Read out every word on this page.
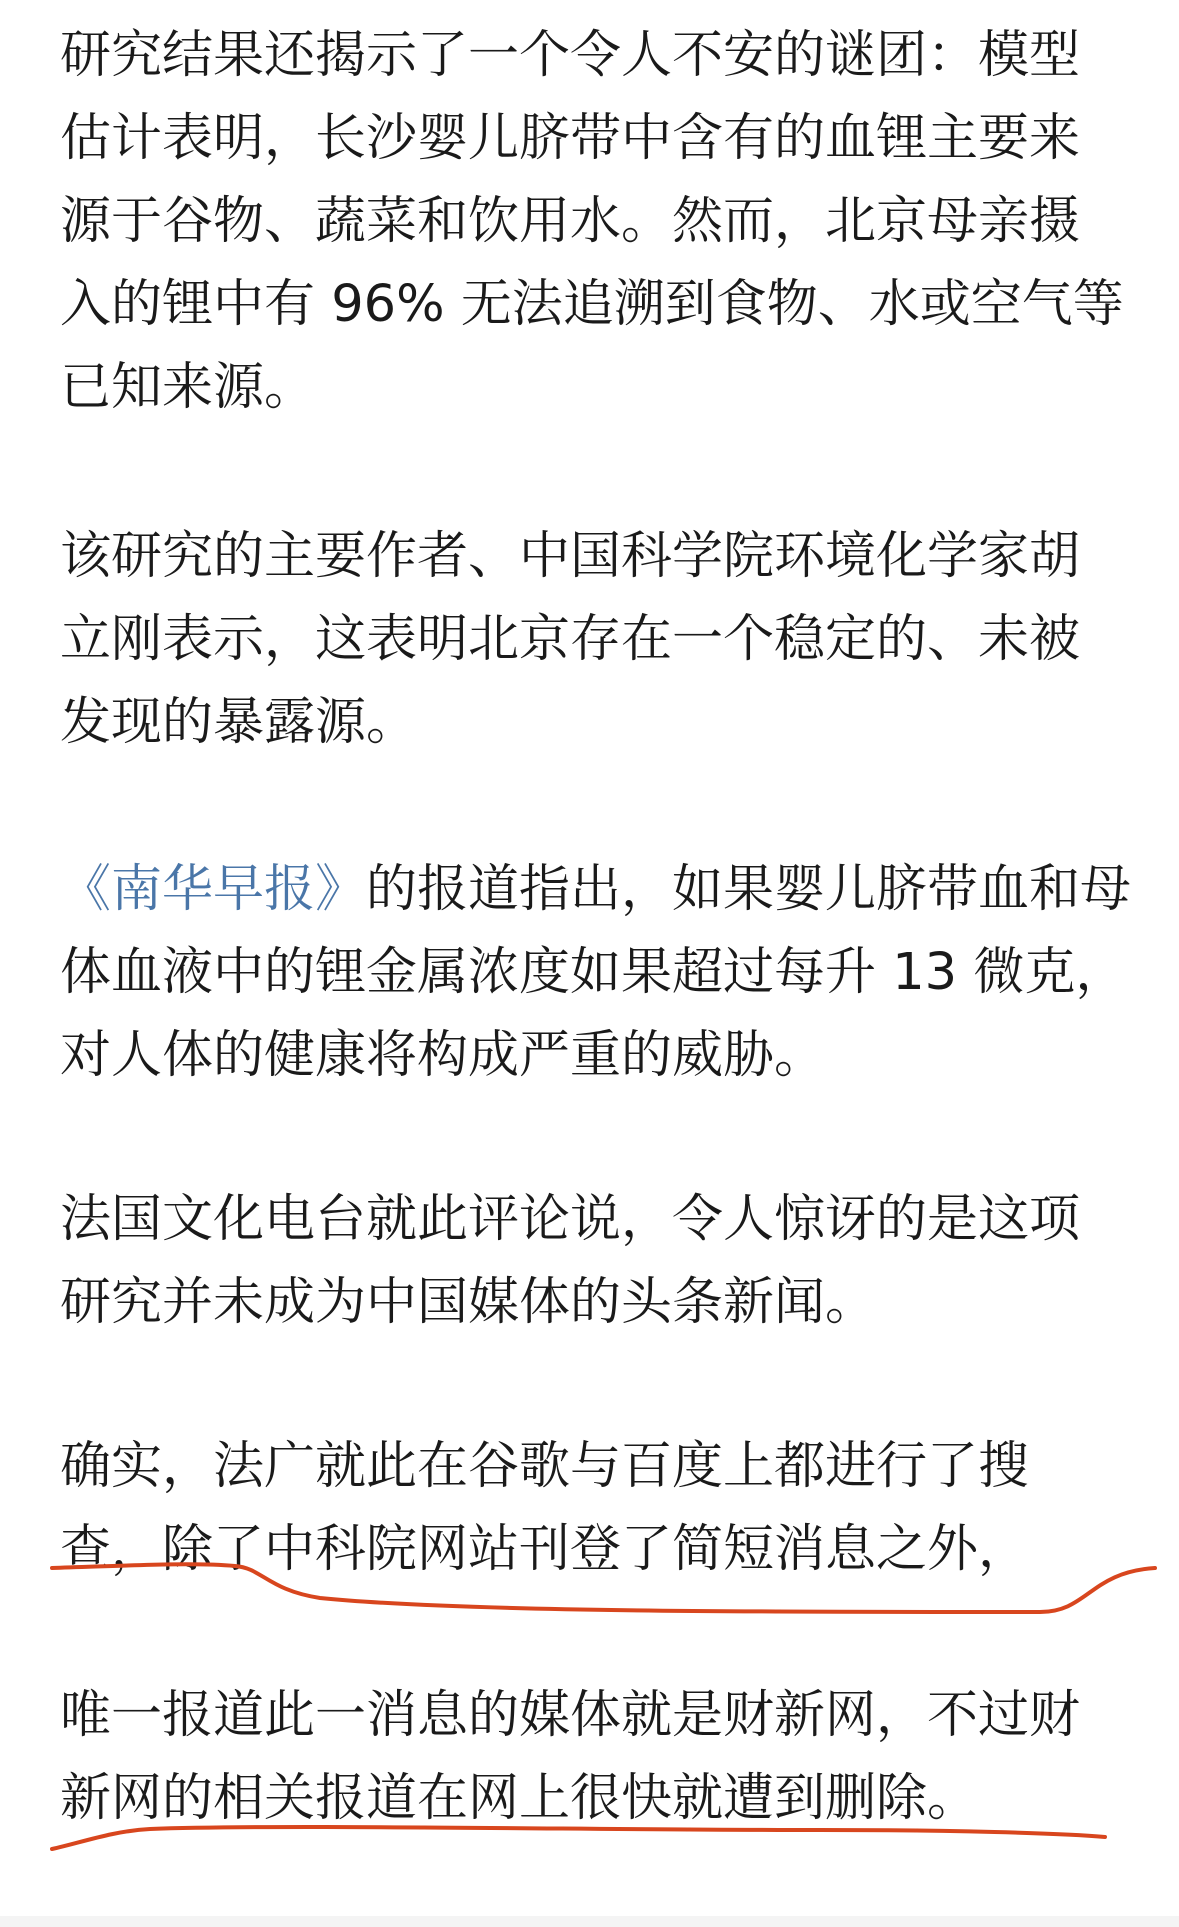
研究结果还揭示了一个令人不安的谜团：模型
估计表明，长沙婴儿脐带中含有的血锂主要来
源于谷物、蔬菜和饮用水。然而，北京母亲摄
入的锂中有 96% 无法追溯到食物、水或空气等
已知来源。

该研究的主要作者、中国科学院环境化学家胡
立刚表示，这表明北京存在一个稳定的、未被
发现的暴露源。

《南华早报》的报道指出，如果婴儿脐带血和母
体血液中的锂金属浓度如果超过每升 13 微克，
对人体的健康将构成严重的威胁。

法国文化电台就此评论说，令人惊讶的是这项
研究并未成为中国媒体的头条新闻。

确实，法广就此在谷歌与百度上都进行了搜
查，除了中科院网站刊登了简短消息之外，

唯一报道此一消息的媒体就是财新网，不过财
新网的相关报道在网上很快就遭到删除。
